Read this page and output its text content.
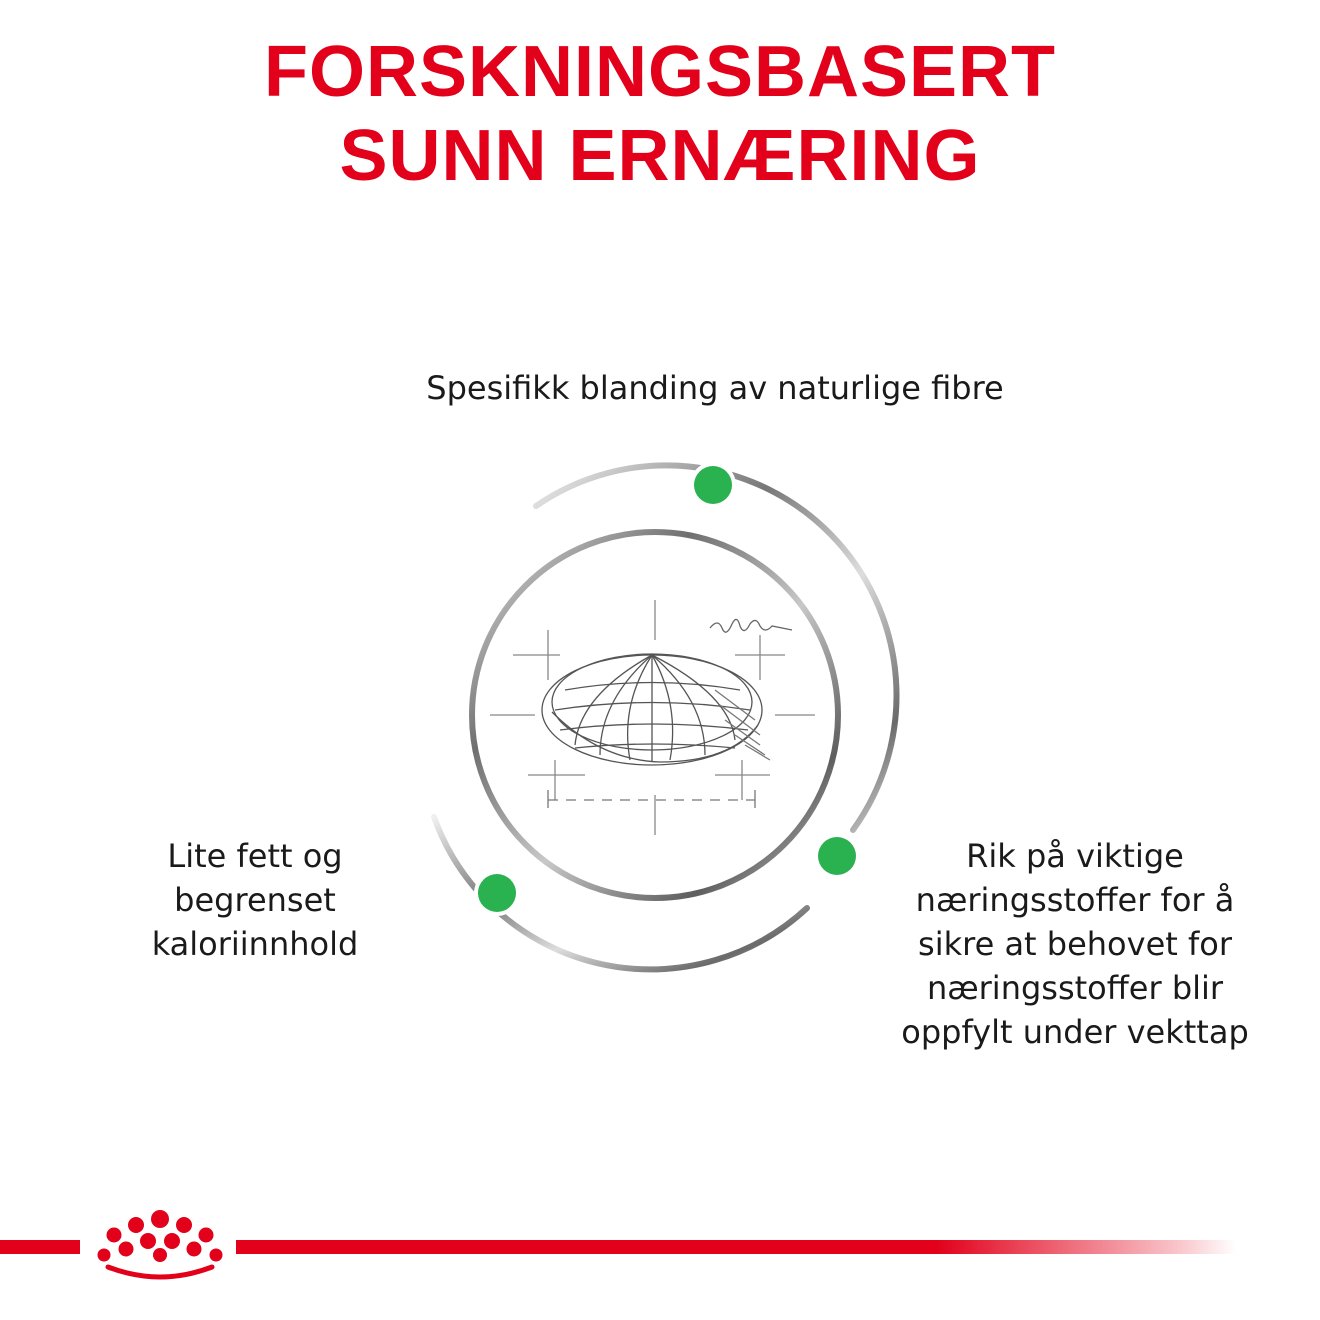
FORSKNINGSBASERT
SUNN ERNÆRING
Spesifikk blanding av naturlige fibre
Lite fett og
begrenset
kaloriinnhold
Rik på viktige
næringsstoffer for å
sikre at behovet for
næringsstoffer blir
oppfylt under vekttap
